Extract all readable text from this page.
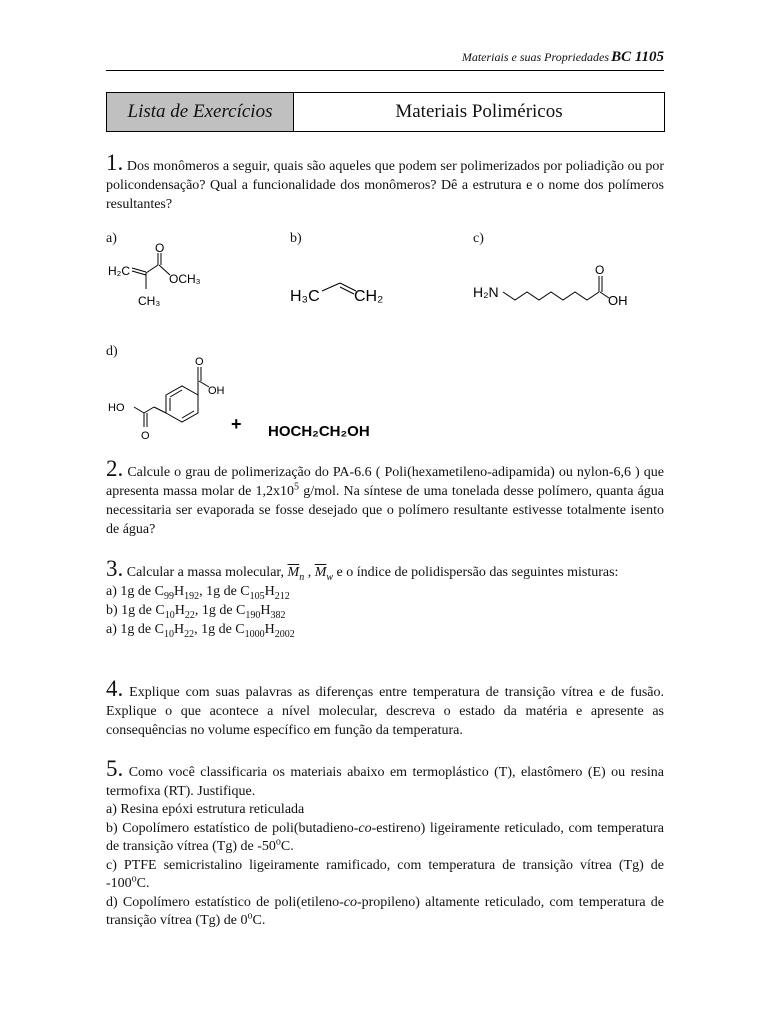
Materiais e suas Propriedades BC 1105
Lista de Exercícios	Materiais Poliméricos

1. Dos monômeros a seguir, quais são aqueles que podem ser polimerizados por poliadição ou por policondensação? Qual a funcionalidade dos monômeros? Dê a estrutura e o nome dos polímeros resultantes?

a)	b)	c)
d)
H₂C
O
OCH₃
CH₃	H₃C CH₂	H₂N
O
OH
O
OH
HO
O
+ HOCH₂CH₂OH

2. Calcule o grau de polimerização do PA-6.6 ( Poli(hexametileno-adipamida) ou nylon-6,6 ) que apresenta massa molar de $1,2x10^5$ g/mol. Na síntese de uma tonelada desse polímero, quanta água necessitaria ser evaporada se fosse desejado que o polímero resultante estivesse totalmente isento de água?

3. Calcular a massa molecular, $\overline{M}_n$ , $\overline{M}_w$ e o índice de polidispersão das seguintes misturas:

a) 1g de $C_{99}H_{192}$, 1g de $C_{105}H_{212}$
b) 1g de $C_{10}H_{22}$, 1g de $C_{190}H_{382}$
a) 1g de $C_{10}H_{22}$, 1g de $C_{1000}H_{2002}$

4. Explique com suas palavras as diferenças entre temperatura de transição vítrea e de fusão. Explique o que acontece a nível molecular, descreva o estado da matéria e apresente as consequências no volume específico em função da temperatura.

5. Como você classificaria os materiais abaixo em termoplástico (T), elastômero (E) ou resina termofixa (RT). Justifique.

a) Resina epóxi estrutura reticulada
b) Copolímero estatístico de poli(butadieno-co-estireno) ligeiramente reticulado, com temperatura de transição vítrea (Tg) de -50$^o$C.
c) PTFE semicristalino ligeiramente ramificado, com temperatura de transição vítrea (Tg) de -100$^o$C.
d) Copolímero estatístico de poli(etileno-co-propileno) altamente reticulado, com temperatura de transição vítrea (Tg) de 0$^o$C.
